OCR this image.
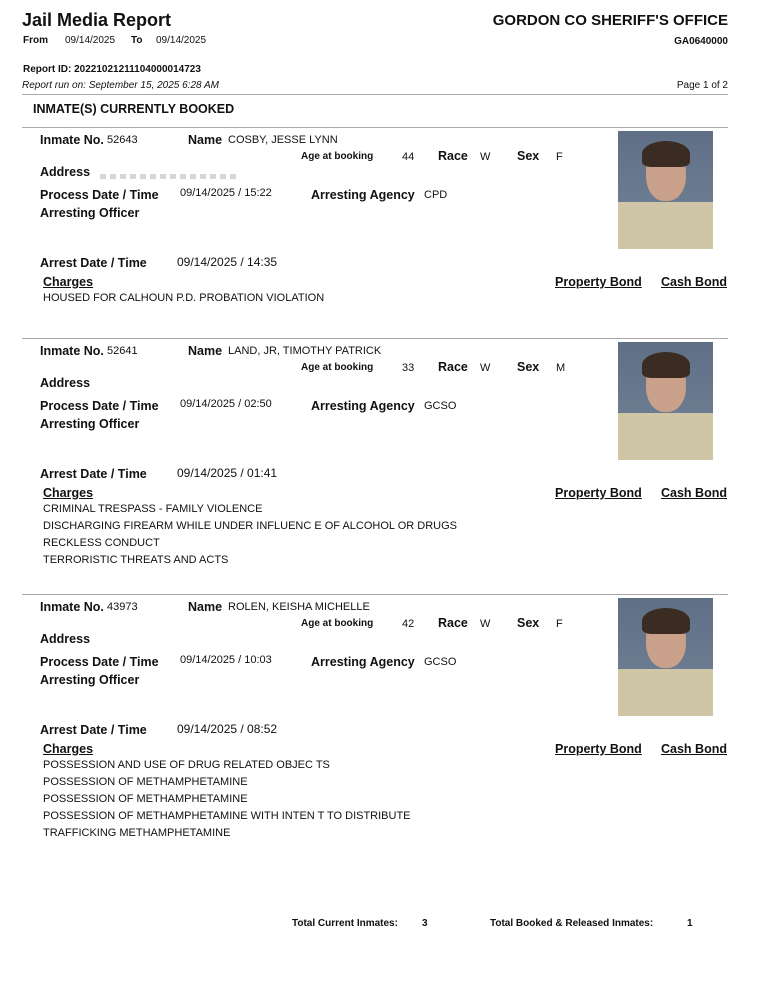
Jail Media Report
From 09/14/2025 To 09/14/2025
GORDON CO SHERIFF'S OFFICE
GA0640000
Report ID: 20221021211104000014723
Report run on: September 15, 2025 6:28 AM	Page 1 of 2
INMATE(S) CURRENTLY BOOKED
Inmate No. 52643	Name COSBY, JESSE LYNN
Age at booking	44 Race W Sex F
Address
Process Date / Time 09/14/2025 / 15:22	Arresting Agency CPD
Arresting Officer
Arrest Date / Time	09/14/2025 / 14:35
Charges	Property Bond Cash Bond
HOUSED FOR CALHOUN P.D. PROBATION VIOLATION
Inmate No. 52641	Name LAND, JR, TIMOTHY PATRICK
Age at booking	33 Race W Sex M
Address
Process Date / Time 09/14/2025 / 02:50	Arresting Agency GCSO
Arresting Officer
Arrest Date / Time	09/14/2025 / 01:41
Charges	Property Bond Cash Bond
CRIMINAL TRESPASS - FAMILY VIOLENCE
DISCHARGING FIREARM WHILE UNDER INFLUENC E OF ALCOHOL OR DRUGS
RECKLESS CONDUCT
TERRORISTIC THREATS AND ACTS
Inmate No. 43973	Name ROLEN, KEISHA MICHELLE
Age at booking	42 Race W Sex F
Address
Process Date / Time 09/14/2025 / 10:03	Arresting Agency GCSO
Arresting Officer
Arrest Date / Time	09/14/2025 / 08:52
Charges	Property Bond Cash Bond
POSSESSION AND USE OF DRUG RELATED OBJEC TS
POSSESSION OF METHAMPHETAMINE
POSSESSION OF METHAMPHETAMINE
POSSESSION OF METHAMPHETAMINE WITH INTEN T TO DISTRIBUTE
TRAFFICKING METHAMPHETAMINE
Total Current Inmates: 3	Total Booked & Released Inmates:	1
